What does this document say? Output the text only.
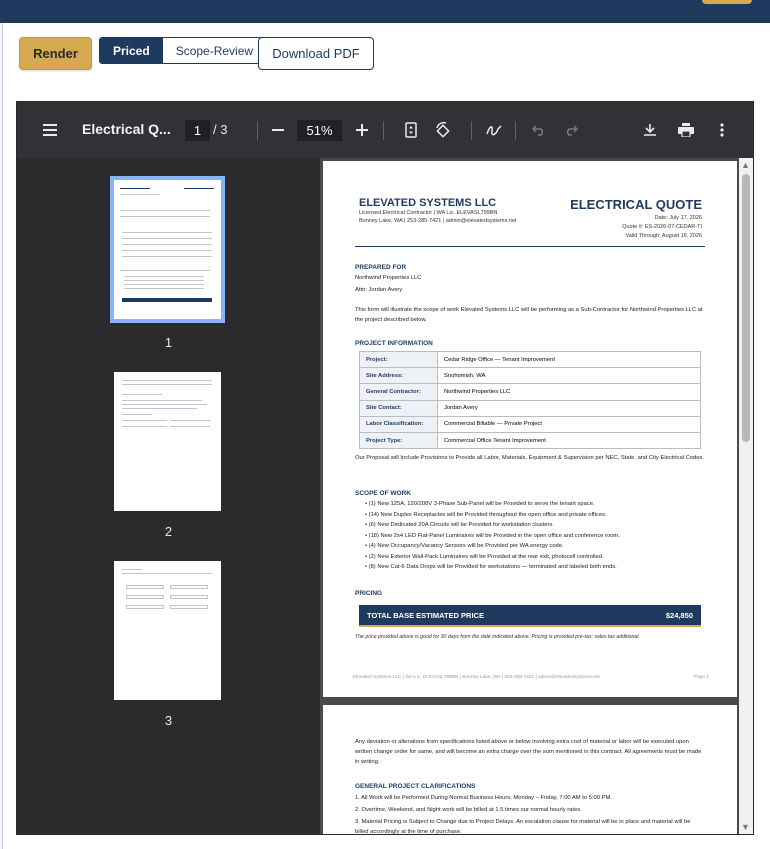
Render	Priced	Scope-Review	Download PDF
Electrical Q...	1 / 3	51%
1
2
3
ELEVATED SYSTEMS LLC
Licensed Electrical Contractor | WA Lic. ELEVASL799BN
Bonney Lake, WA | 253-285-7421 | admin@elevatedsystems.net
ELECTRICAL QUOTE
Date: July 17, 2026
Quote #: ES-2026-07-CEDAR-TI
Valid Through: August 16, 2026
PREPARED FOR
Northwind Properties LLC
Attn: Jordan Avery
This form will illustrate the scope of work Elevated Systems LLC will be performing as a Sub-Contractor for Northwind Properties LLC at the project described below.
PROJECT INFORMATION
Project:	Cedar Ridge Office — Tenant Improvement
Site Address:	Snohomish, WA
General Contractor:	Northwind Properties LLC
Site Contact:	Jordan Avery
Labor Classification:	Commercial Billable — Private Project
Project Type:	Commercial Office Tenant Improvement
Our Proposal will Include Provisions to Provide all Labor, Materials, Equipment & Supervision per NEC, State, and City Electrical Codes.
SCOPE OF WORK
• (1) New 125A, 120/208V 3-Phase Sub-Panel will be Provided to serve the tenant space.
• (14) New Duplex Receptacles will be Provided throughout the open office and private offices.
• (6) New Dedicated 20A Circuits will be Provided for workstation clusters.
• (18) New 2x4 LED Flat-Panel Luminaires will be Provided in the open office and conference room.
• (4) New Occupancy/Vacancy Sensors will be Provided per WA energy code.
• (2) New Exterior Wall-Pack Luminaires will be Provided at the rear exit, photocell controlled.
• (8) New Cat-6 Data Drops will be Provided for workstations — terminated and labeled both ends.
PRICING
TOTAL BASE ESTIMATED PRICE	$24,850
The price provided above is good for 30 days from the date indicated above. Pricing is provided pre-tax; sales tax additional.
Elevated Systems LLC | WA Lic. ELEVASL799BN | Bonney Lake, WA | 253-285-7421 | admin@elevatedsystems.net	Page 1
Any deviation or alterations from specifications listed above or below involving extra cost of material or labor will be executed upon written change order for same, and will become an extra charge over the sum mentioned in this contract. All agreements must be made in writing.
GENERAL PROJECT CLARIFICATIONS
1. All Work will be Performed During Normal Business Hours, Monday – Friday, 7:00 AM to 5:00 PM.
2. Overtime, Weekend, and Night work will be billed at 1.5 times our normal hourly rates.
3. Material Pricing is Subject to Change due to Project Delays. An escalation clause for material will be in place and material will be billed accordingly at the time of purchase.
▲
▼
